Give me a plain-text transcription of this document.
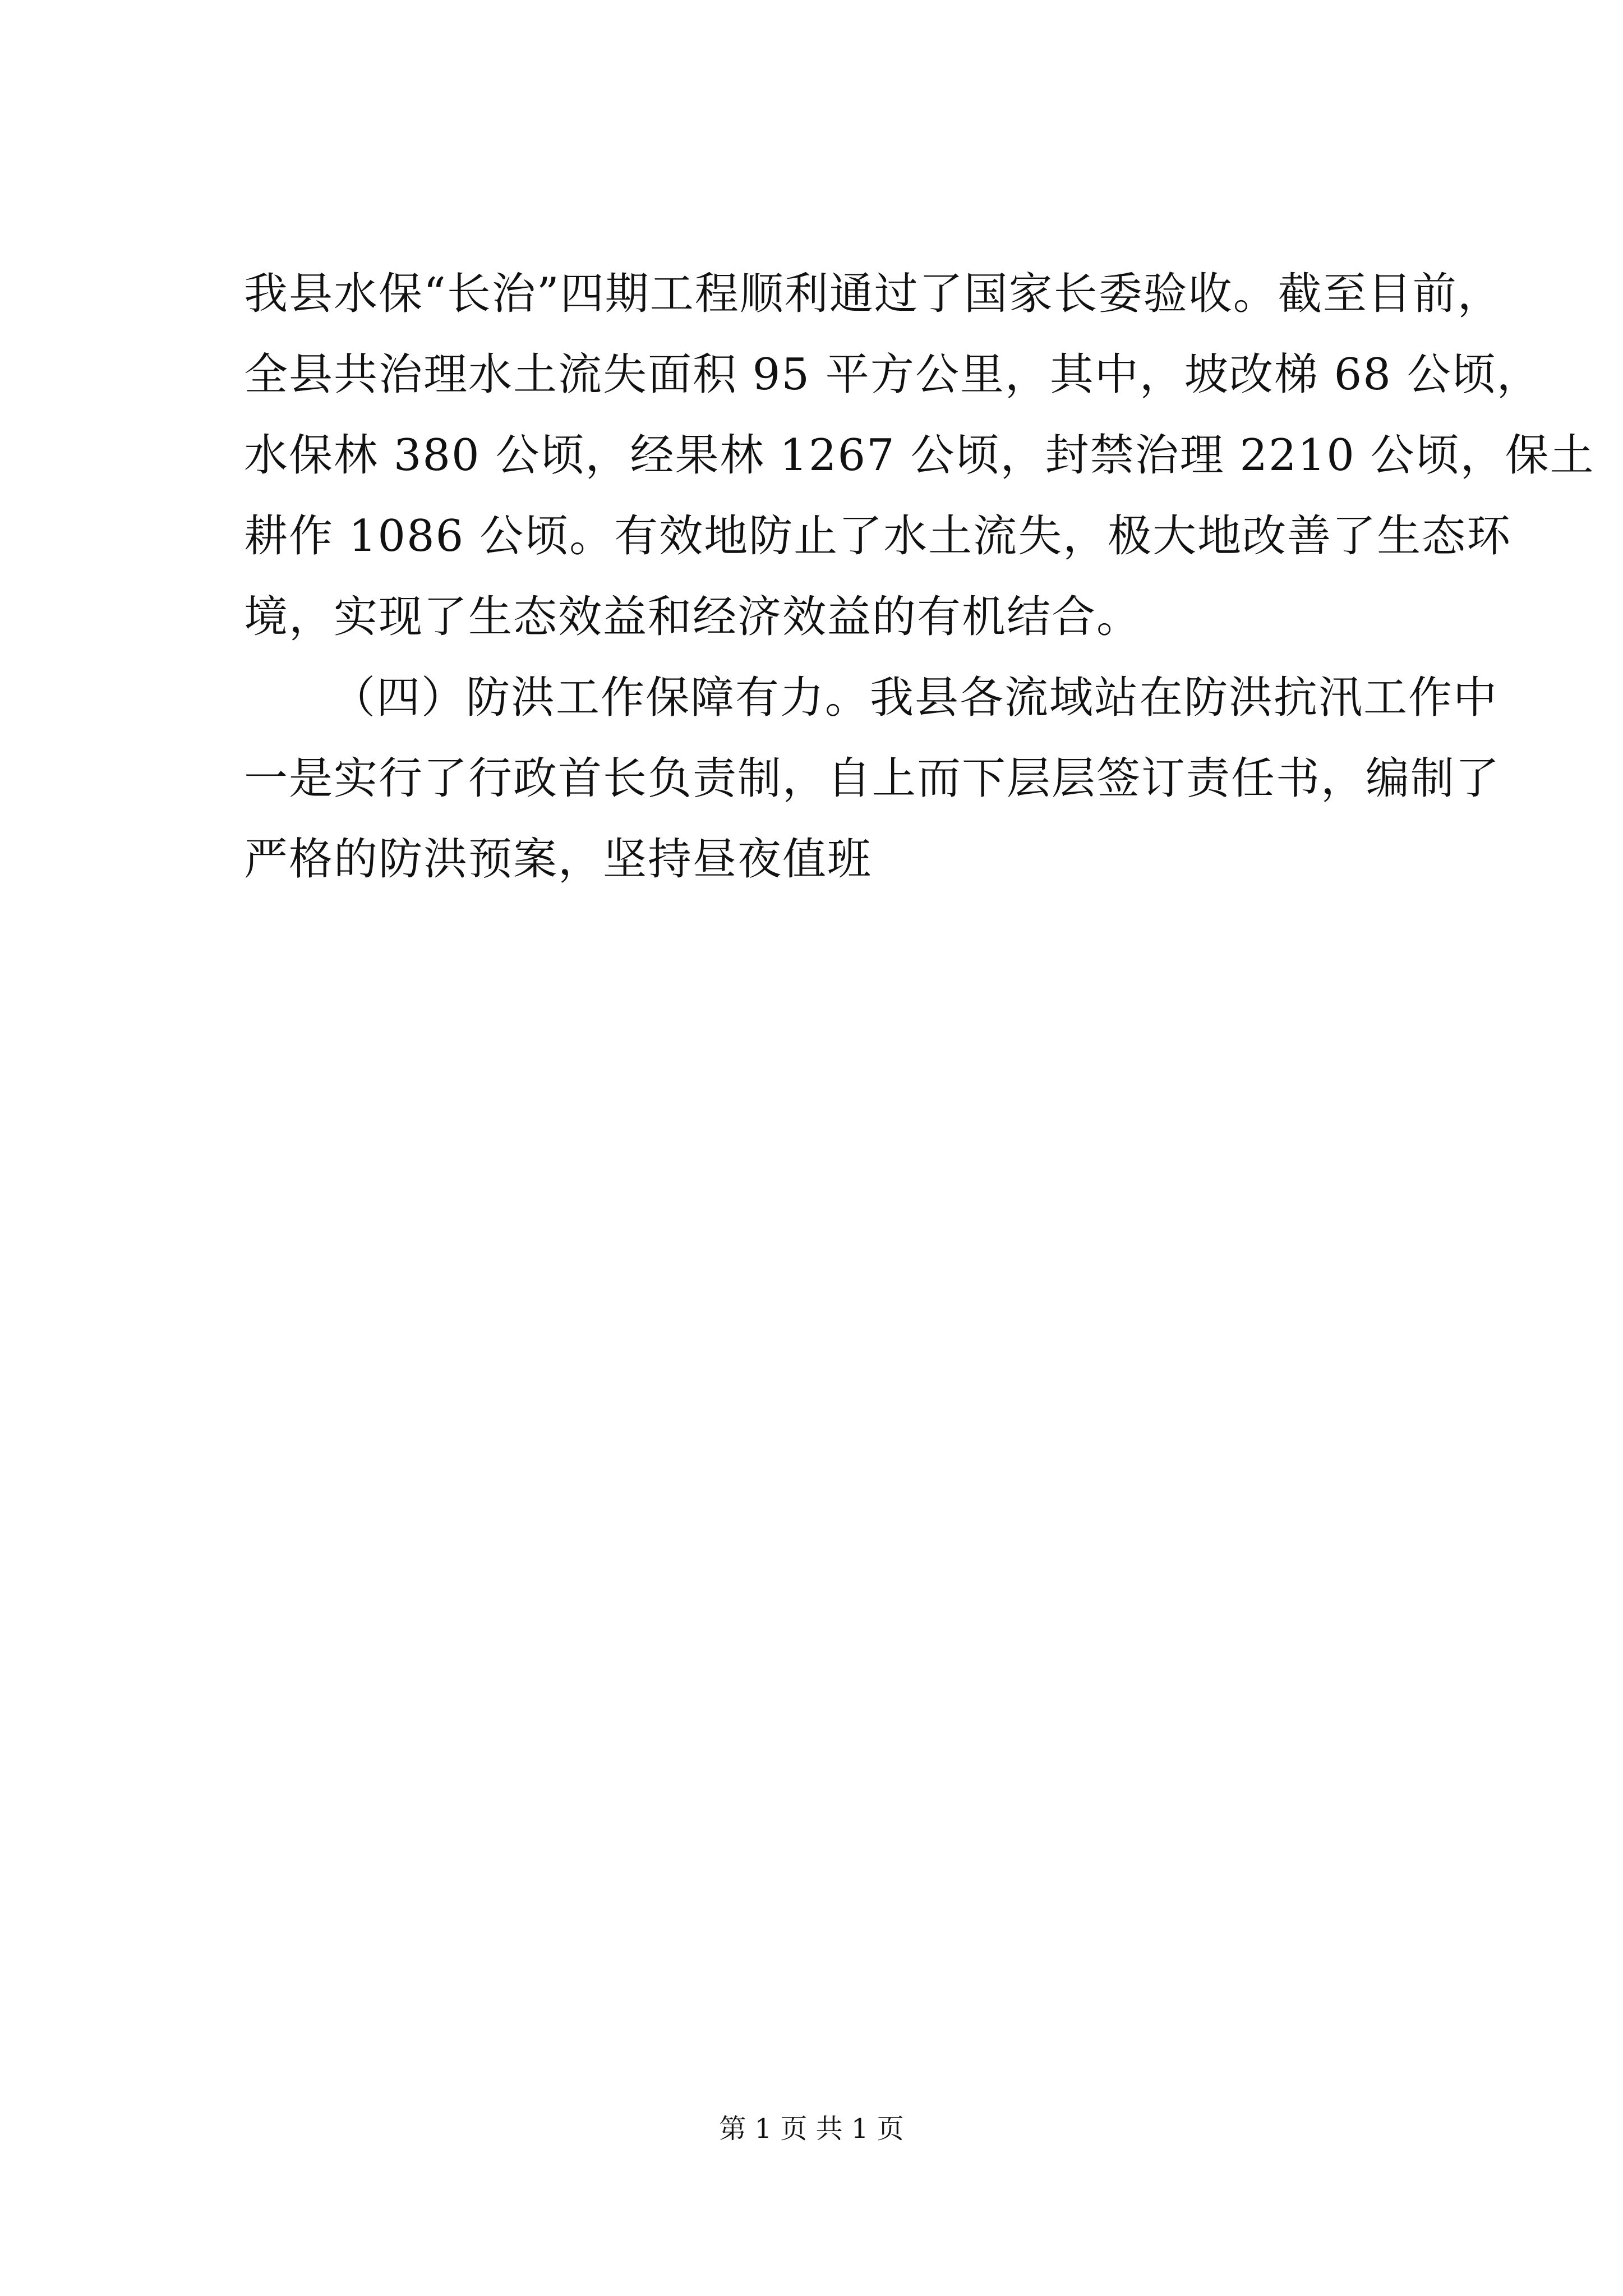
我县水保“长治”四期工程顺利通过了国家长委验收。截至目前，
全县共治理水土流失面积 95 平方公里，其中，坡改梯 68 公顷，
水保林 380 公顷，经果林 1267 公顷，封禁治理 2210 公顷，保土
耕作 1086 公顷。有效地防止了水土流失，极大地改善了生态环
境，实现了生态效益和经济效益的有机结合。
（四）防洪工作保障有力。我县各流域站在防洪抗汛工作中
一是实行了行政首长负责制，自上而下层层签订责任书，编制了
严格的防洪预案，坚持昼夜值班
第 1 页 共 1 页
